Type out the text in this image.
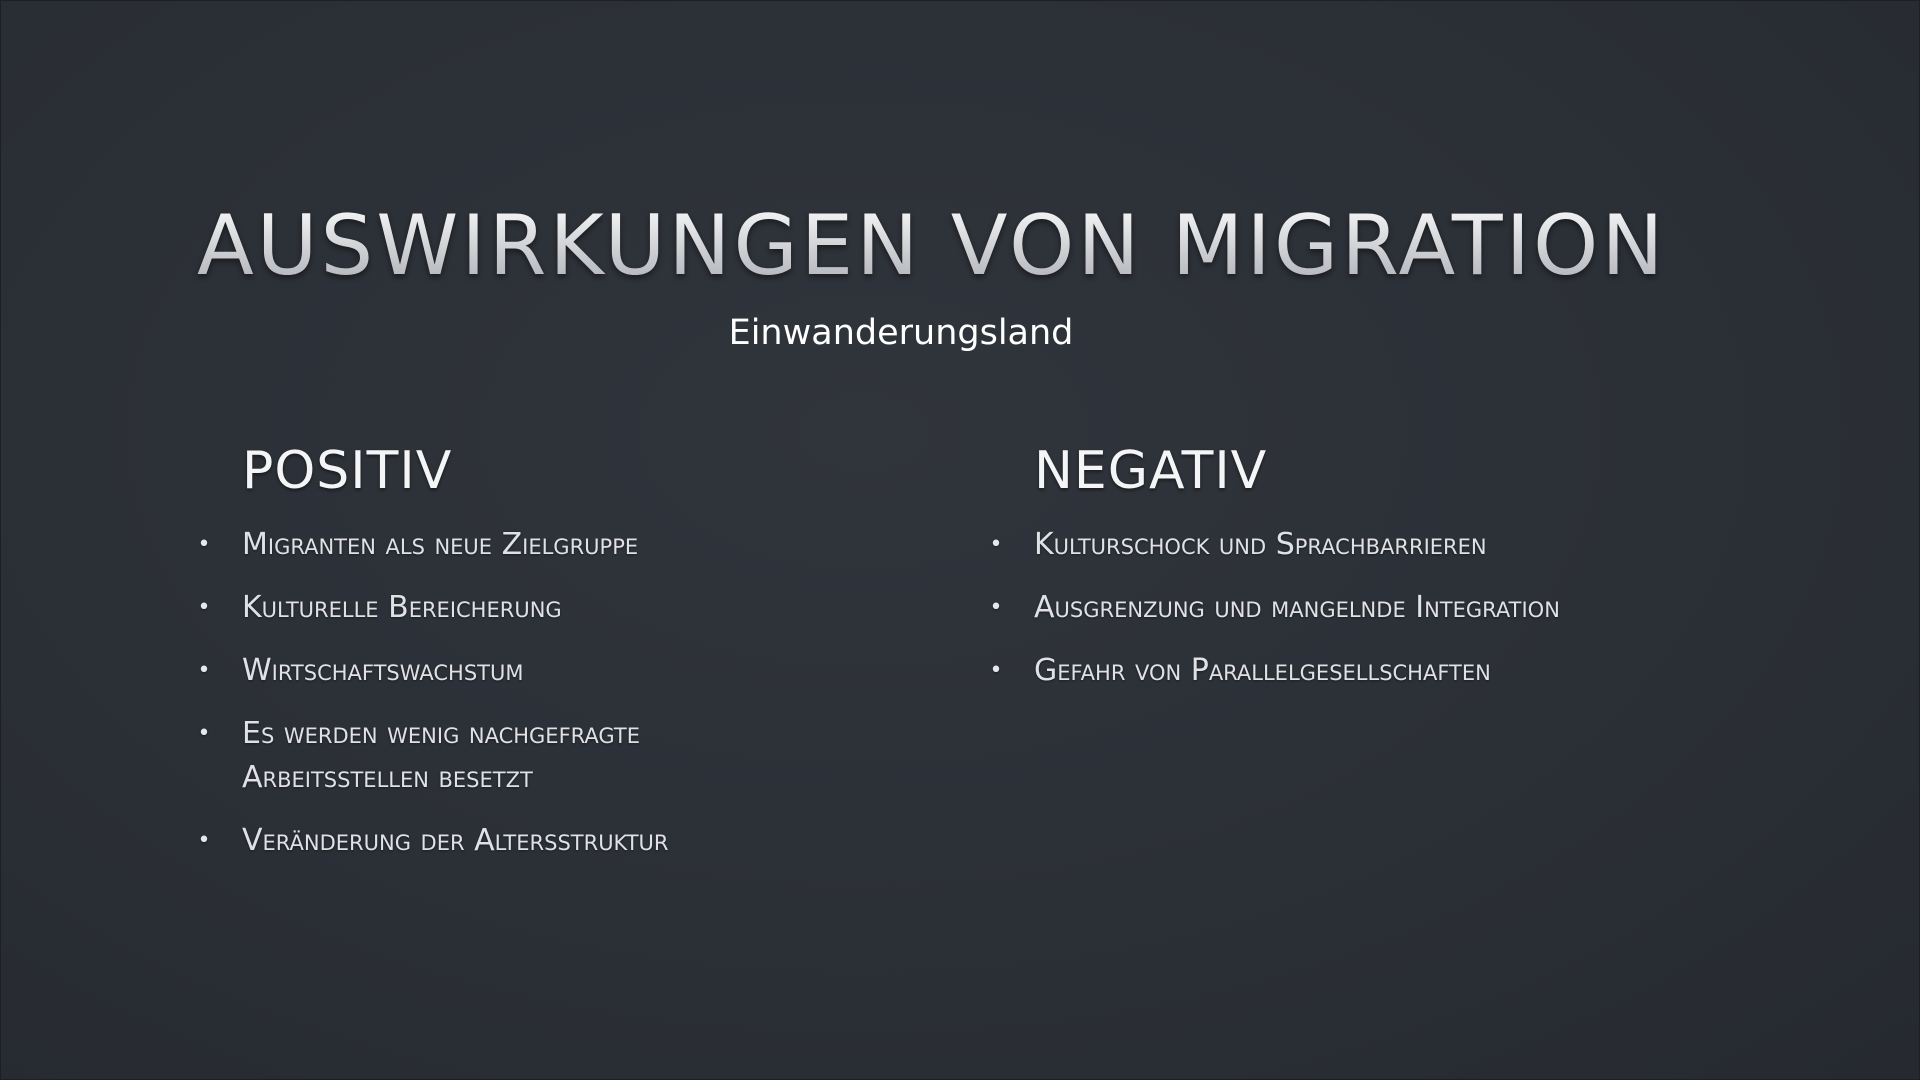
AUSWIRKUNGEN VON MIGRATION
Einwanderungsland
POSITIV
• Migranten als neue Zielgruppe
• Kulturelle Bereicherung
• Wirtschaftswachstum
• Es werden wenig nachgefragte Arbeitsstellen besetzt
• Veränderung der Altersstruktur
NEGATIV
• Kulturschock und Sprachbarrieren
• Ausgrenzung und mangelnde Integration
• Gefahr von Parallelgesellschaften
